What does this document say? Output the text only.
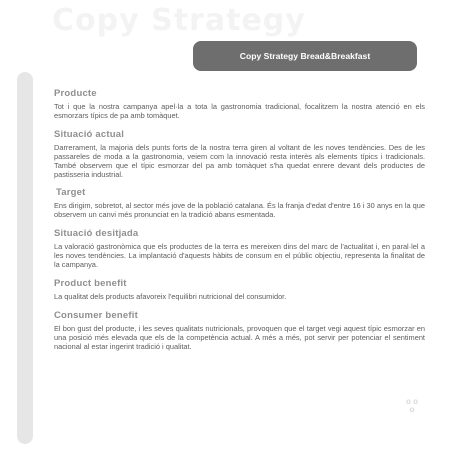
Copy Strategy
Copy Strategy Bread&Breakfast
Producte

Tot i que la nostra campanya apel·la a tota la gastronomia tradicional, focalitzem la nostra atenció en els esmorzars típics de pa amb tomàquet.

Situació actual

Darrerament, la majoria dels punts forts de la nostra terra giren al voltant de les noves tendències. Des de les passareles de moda a la gastronomia, veiem com la innovació resta interès als elements típics i tradicionals. També observem que el típic esmorzar del pa amb tomàquet s'ha quedat enrere devant dels productes de pastisseria industrial.

Target

Ens dirigim, sobretot, al sector més jove de la població catalana. És la franja d'edat d'entre 16 i 30 anys en la que observem un canvi més pronunciat en la tradició abans esmentada.

Situació desitjada

La valoració gastronòmica que els productes de la terra es mereixen dins del marc de l'actualitat i, en paral·lel a les noves tendències. La implantació d'aquests hàbits de consum en el públic objectiu, representa la finalitat de la campanya.

Product benefit

La qualitat dels products afavoreix l'equilibri nutricional del consumidor.

Consumer benefit

El bon gust del producte, i les seves qualitats nutricionals, provoquen que el target vegi aquest típic esmorzar en una posició més elevada que els de la competència actual. A més a més, pot servir per potenciar el sentiment nacional al estar ingerint tradició i qualitat.

o o o
